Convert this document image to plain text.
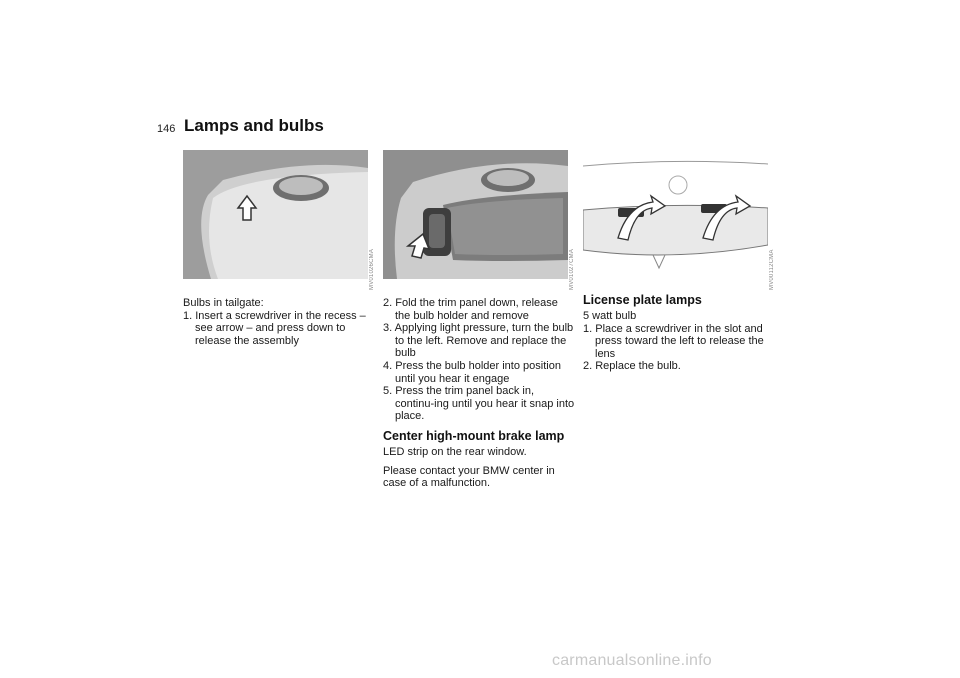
146 Lamps and bulbs
MV01026CMA	MV01027CMA	MV00112CMA

Bulbs in tailgate:

1. Insert a screwdriver in the recess – see arrow – and press down to release the assembly
2. Fold the trim panel down, release the bulb holder and remove
3. Applying light pressure, turn the bulb to the left. Remove and replace the bulb
4. Press the bulb holder into position until you hear it engage
5. Press the trim panel back in, continu-ing until you hear it snap into place.
Center high-mount brake lamp

LED strip on the rear window.

Please contact your BMW center in case of a malfunction.

License plate lamps

5 watt bulb

1. Place a screwdriver in the slot and press toward the left to release the lens
2. Replace the bulb.
carmanualsonline.info
